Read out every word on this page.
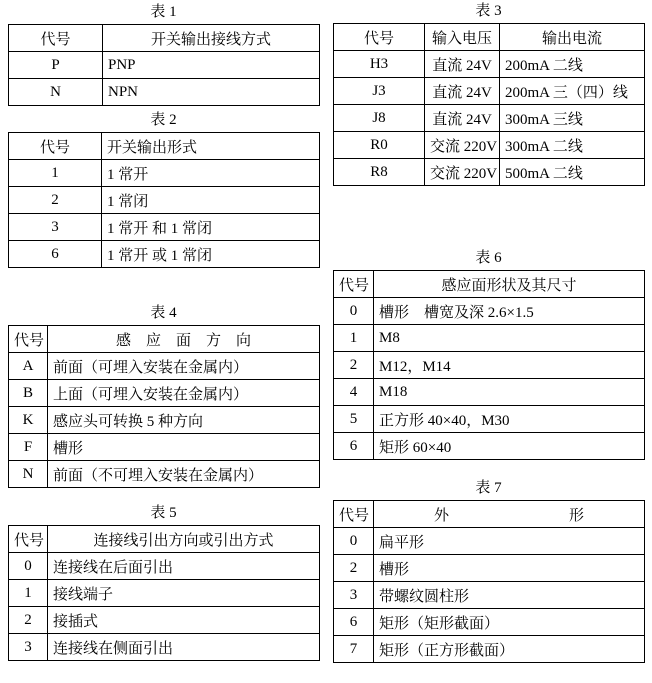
表 1
代号	开关输出接线方式
P	PNP
N	NPN
表 2
代号	开关输出形式
1	1 常开
2	1 常闭
3	1 常开 和 1 常闭
6	1 常开 或 1 常闭
表 4
代号	感　应　面　方　向
A	前面（可埋入安装在金属内）
B	上面（可埋入安装在金属内）
K	感应头可转换 5 种方向
F	槽形
N	前面（不可埋入安装在金属内）
表 5
代号	连接线引出方向或引出方式
0	连接线在后面引出
1	接线端子
2	接插式
3	连接线在侧面引出
表 3
代号	输入电压	输出电流
H3	直流 24V	200mA 二线
J3	直流 24V	200mA 三（四）线
J8	直流 24V	300mA 三线
R0	交流 220V	300mA 二线
R8	交流 220V	500mA 二线
表 6
代号	感应面形状及其尺寸
0	槽形　槽宽及深 2.6×1.5
1	M8
2	M12，M14
4	M18
5	正方形 40×40，M30
6	矩形 60×40
表 7
代号	外　　　　　　　　形
0	扁平形
2	槽形
3	带螺纹圆柱形
6	矩形（矩形截面）
7	矩形（正方形截面）
